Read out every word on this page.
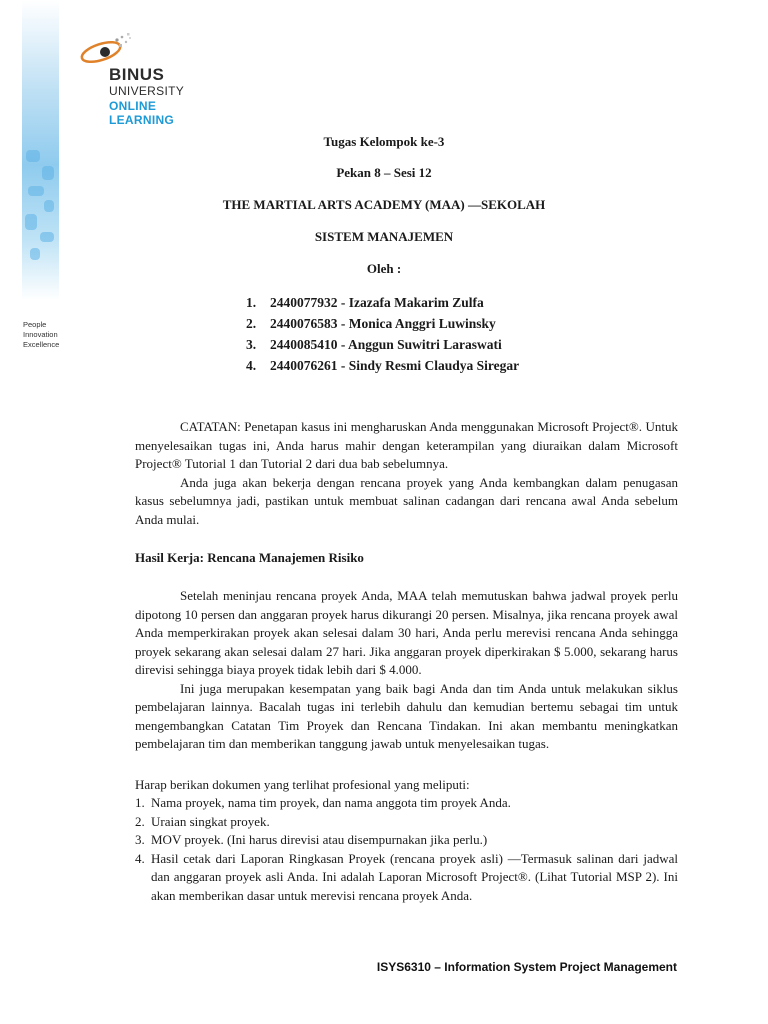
People
Innovation
Excellence
BINUS
UNIVERSITY
ONLINE
LEARNING
Tugas Kelompok ke-3
Pekan 8 – Sesi 12
THE MARTIAL ARTS ACADEMY (MAA) —SEKOLAH
SISTEM MANAJEMEN
Oleh :
1. 2440077932 - Izazafa Makarim Zulfa
2. 2440076583 - Monica Anggri Luwinsky
3. 2440085410 - Anggun Suwitri Laraswati
4. 2440076261 - Sindy Resmi Claudya Siregar

CATATAN: Penetapan kasus ini mengharuskan Anda menggunakan Microsoft Project®. Untuk menyelesaikan tugas ini, Anda harus mahir dengan keterampilan yang diuraikan dalam Microsoft Project® Tutorial 1 dan Tutorial 2 dari dua bab sebelumnya.

Anda juga akan bekerja dengan rencana proyek yang Anda kembangkan dalam penugasan kasus sebelumnya jadi, pastikan untuk membuat salinan cadangan dari rencana awal Anda sebelum Anda mulai.

Hasil Kerja: Rencana Manajemen Risiko

Setelah meninjau rencana proyek Anda, MAA telah memutuskan bahwa jadwal proyek perlu dipotong 10 persen dan anggaran proyek harus dikurangi 20 persen. Misalnya, jika rencana proyek awal Anda memperkirakan proyek akan selesai dalam 30 hari, Anda perlu merevisi rencana Anda sehingga proyek sekarang akan selesai dalam 27 hari. Jika anggaran proyek diperkirakan $ 5.000, sekarang harus direvisi sehingga biaya proyek tidak lebih dari $ 4.000.

Ini juga merupakan kesempatan yang baik bagi Anda dan tim Anda untuk melakukan siklus pembelajaran lainnya. Bacalah tugas ini terlebih dahulu dan kemudian bertemu sebagai tim untuk mengembangkan Catatan Tim Proyek dan Rencana Tindakan. Ini akan membantu meningkatkan pembelajaran tim dan memberikan tanggung jawab untuk menyelesaikan tugas.

Harap berikan dokumen yang terlihat profesional yang meliputi:
1. Nama proyek, nama tim proyek, dan nama anggota tim proyek Anda.
2. Uraian singkat proyek.
3. MOV proyek. (Ini harus direvisi atau disempurnakan jika perlu.)
4. Hasil cetak dari Laporan Ringkasan Proyek (rencana proyek asli) —Termasuk salinan dari jadwal dan anggaran proyek asli Anda. Ini adalah Laporan Microsoft Project®. (Lihat Tutorial MSP 2). Ini akan memberikan dasar untuk merevisi rencana proyek Anda.
ISYS6310 – Information System Project Management
